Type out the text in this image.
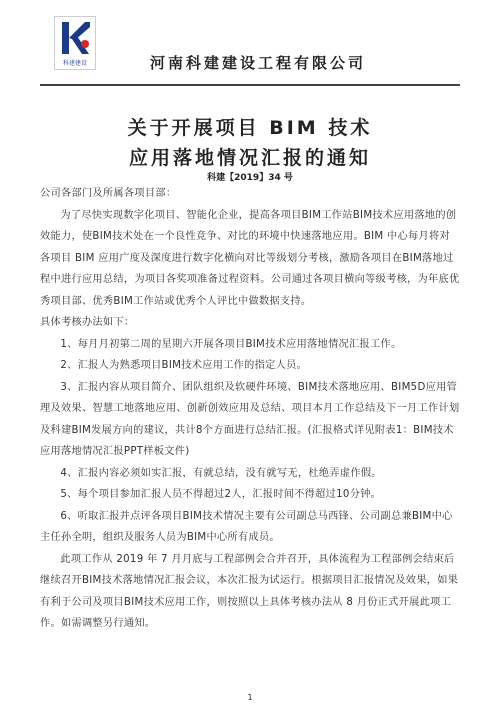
科建建设	河南科建建设工程有限公司
关于开展项目 BIM 技术
应用落地情况汇报的通知
科建【2019】34 号

公司各部门及所属各项目部：

为了尽快实现数字化项目、智能化企业，提高各项目BIM工作站BIM技术应用落地的创效能力，使BIM技术处在一个良性竞争、对比的环境中快速落地应用。BIM 中心每月将对各项目 BIM 应用广度及深度进行数字化横向对比等级划分考核，激励各项目在BIM落地过程中进行应用总结，为项目各奖项准备过程资料。公司通过各项目横向等级考核，为年底优秀项目部、优秀BIM工作站或优秀个人评比中做数据支持。

具体考核办法如下：

1、每月月初第二周的星期六开展各项目BIM技术应用落地情况汇报工作。

2、汇报人为熟悉项目BIM技术应用工作的指定人员。

3、汇报内容从项目简介、团队组织及软硬件环境、BIM技术落地应用、BIM5D应用管理及效果、智慧工地落地应用、创新创效应用及总结、项目本月工作总结及下一月工作计划及科建BIM发展方向的建议，共计8个方面进行总结汇报。(汇报格式详见附表1：BIM技术应用落地情况汇报PPT样板文件)

4、汇报内容必须如实汇报，有就总结，没有就写无，杜绝弄虚作假。

5、每个项目参加汇报人员不得超过2人，汇报时间不得超过10分钟。

6、听取汇报并点评各项目BIM技术情况主要有公司副总马西锋、公司副总兼BIM中心主任孙全明，组织及服务人员为BIM中心所有成员。

此项工作从 2019 年 7 月月底与工程部例会合并召开，具体流程为工程部例会结束后继续召开BIM技术落地情况汇报会议，本次汇报为试运行。根据项目汇报情况及效果，如果有利于公司及项目BIM技术应用工作，则按照以上具体考核办法从 8 月份正式开展此项工作。如需调整另行通知。

1
